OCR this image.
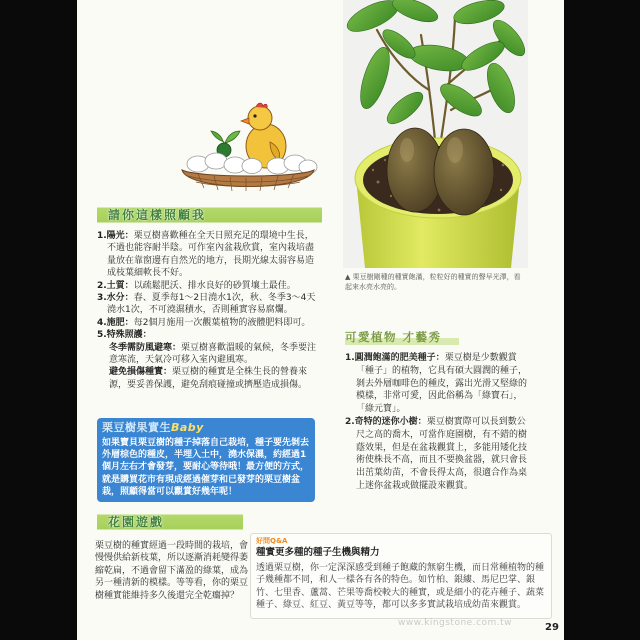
▲ 栗豆樹剛種的種實飽滿，粒粒好的種實的聲早光澤，看起來水亮水亮的。
請你這樣照顧我

1.陽光：栗豆樹喜歡種在全天日照充足的環境中生長，不過也能容耐半陰。可作室內盆栽欣賞，室內栽培盡量放在靠窗邊有自然光的地方，長期光線太弱容易造成枝葉細軟長不好。

2.土質：以疏鬆肥沃、排水良好的砂質壤土最佳。

3.水分：春、夏季每1～2日澆水1次，秋、冬季3～4天澆水1次，不可澆濕積水，否則種實容易腐爛。

4.施肥：每2個月施用一次觀葉植物的液體肥料即可。

5.特殊照護：

冬季需防風避寒：栗豆樹喜歡溫暖的氣候，冬季要注意寒流，天氣冷可移入室內避風寒。

避免損傷種實：栗豆樹的種實是全株生長的營養來源，要妥善保護，避免刮痕碰撞或擠壓造成損傷。

栗豆樹果實生Baby
如果寶貝栗豆樹的種子掉落自己栽培，種子要先剝去外層棕色的種皮，半埋入土中，澆水保濕，約經過1個月左右才會發芽，要耐心等待哦！最方便的方式，就是購買花市有現成經過催芽和已發芽的栗豆樹盆栽，照顧得當可以觀賞好幾年呢！
可愛植物 才藝秀

1.圓潤飽滿的肥美種子：栗豆樹是少數觀賞「種子」的植物，它具有碩大圓潤的種子，剝去外層咖啡色的種皮，露出光滑又堅綠的模樣，非常可愛，因此俗稱為「綠寶石」，「綠元寶」。

2.奇特的迷你小樹：栗豆樹實際可以長到數公尺之高的喬木，可當作庭園樹，有不錯的樹蔭效果，但是在盆栽觀賞上，多能用矮化技術使株長不高，而且不要換盆器，就只會長出茁葉幼苗，不會長得太高，很適合作為桌上迷你盆栽或做擺設來觀賞。

花園遊戲
栗豆樹的種實經過一段時間的栽培，會慢慢供給新枝葉，所以逐漸消耗變得萎縮乾扁，不過會留下滿盈的綠葉，成為另一種清新的模樣。等等看，你的栗豆樹種實能維持多久後還完全乾癟掉？
好問Q&A
種實更多種的種子生機與精力
透過栗豆樹，你一定深深感受到種子飽藏的無窮生機，而日常種植物的種子幾種都不同，和人一樣各有各的特色。如竹柏、銀縷、馬尼巴掌、銀竹、七里香、蘆蒿、芒果等喬校較大的種實，或是細小的花卉種子、蔬菜種子、綠豆、紅豆、黃豆等等，都可以多多實試栽培成幼苗來觀賞。
www.kingstone.com.tw	29
